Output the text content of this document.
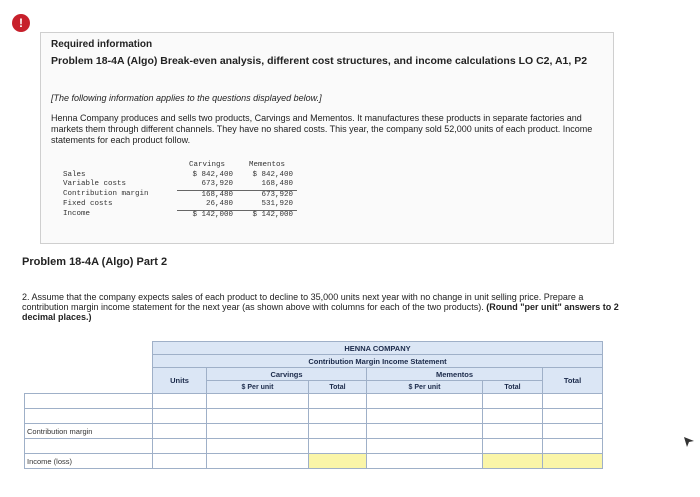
!
Required information
Problem 18-4A (Algo) Break-even analysis, different cost structures, and income calculations LO C2, A1, P2
[The following information applies to the questions displayed below.]
Henna Company produces and sells two products, Carvings and Mementos. It manufactures these products in separate factories and markets them through different channels. They have no shared costs. This year, the company sold 52,000 units of each product. Income statements for each product follow.
	Carvings	Mementos
Sales	$ 842,400	$ 842,400
Variable costs	673,920	168,480
Contribution margin	168,480	673,920
Fixed costs	26,480	531,920
Income	$ 142,000	$ 142,000
Problem 18-4A (Algo) Part 2
2. Assume that the company expects sales of each product to decline to 35,000 units next year with no change in unit selling price. Prepare a contribution margin income statement for the next year (as shown above with columns for each of the two products). (Round "per unit" answers to 2 decimal places.)
	HENNA COMPANY					
	Contribution Margin Income Statement					
	Units	Carvings		Mementos		Total
		$ Per unit	Total	$ Per unit	Total	

Contribution margin						

Income (loss)						
